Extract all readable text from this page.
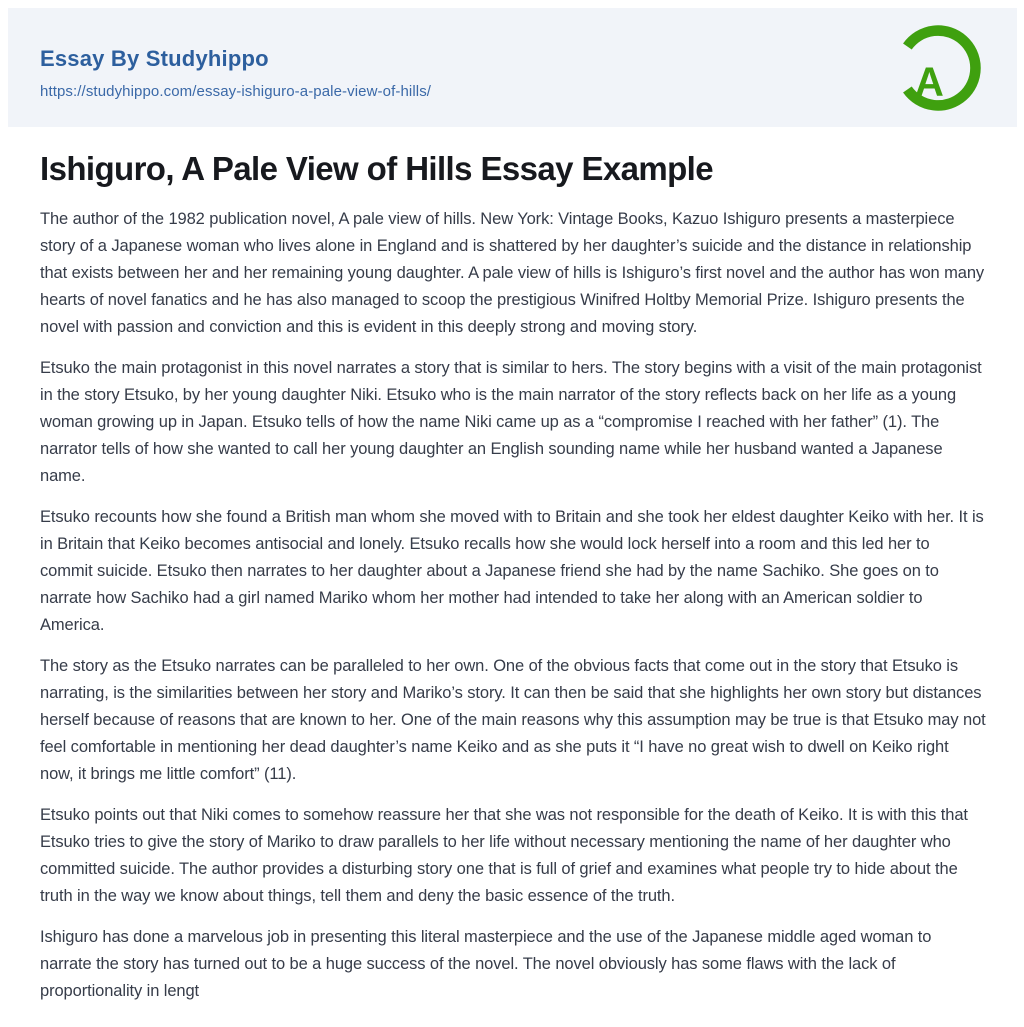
Essay By Studyhippo
https://studyhippo.com/essay-ishiguro-a-pale-view-of-hills/	A
Ishiguro, A Pale View of Hills Essay Example

The author of the 1982 publication novel, A pale view of hills. New York: Vintage Books, Kazuo Ishiguro presents a masterpiece story of a Japanese woman who lives alone in England and is shattered by her daughter’s suicide and the distance in relationship that exists between her and her remaining young daughter. A pale view of hills is Ishiguro’s first novel and the author has won many hearts of novel fanatics and he has also managed to scoop the prestigious Winifred Holtby Memorial Prize. Ishiguro presents the novel with passion and conviction and this is evident in this deeply strong and moving story.

Etsuko the main protagonist in this novel narrates a story that is similar to hers. The story begins with a visit of the main protagonist in the story Etsuko, by her young daughter Niki. Etsuko who is the main narrator of the story reflects back on her life as a young woman growing up in Japan. Etsuko tells of how the name Niki came up as a “compromise I reached with her father” (1). The narrator tells of how she wanted to call her young daughter an English sounding name while her husband wanted a Japanese name.

Etsuko recounts how she found a British man whom she moved with to Britain and she took her eldest daughter Keiko with her. It is in Britain that Keiko becomes antisocial and lonely. Etsuko recalls how she would lock herself into a room and this led her to commit suicide. Etsuko then narrates to her daughter about a Japanese friend she had by the name Sachiko. She goes on to narrate how Sachiko had a girl named Mariko whom her mother had intended to take her along with an American soldier to America.

The story as the Etsuko narrates can be paralleled to her own. One of the obvious facts that come out in the story that Etsuko is narrating, is the similarities between her story and Mariko’s story. It can then be said that she highlights her own story but distances herself because of reasons that are known to her. One of the main reasons why this assumption may be true is that Etsuko may not feel comfortable in mentioning her dead daughter’s name Keiko and as she puts it “I have no great wish to dwell on Keiko right now, it brings me little comfort” (11).

Etsuko points out that Niki comes to somehow reassure her that she was not responsible for the death of Keiko. It is with this that Etsuko tries to give the story of Mariko to draw parallels to her life without necessary mentioning the name of her daughter who committed suicide. The author provides a disturbing story one that is full of grief and examines what people try to hide about the truth in the way we know about things, tell them and deny the basic essence of the truth.

Ishiguro has done a marvelous job in presenting this literal masterpiece and the use of the Japanese middle aged woman to narrate the story has turned out to be a huge success of the novel. The novel obviously has some flaws with the lack of proportionality in lengt
